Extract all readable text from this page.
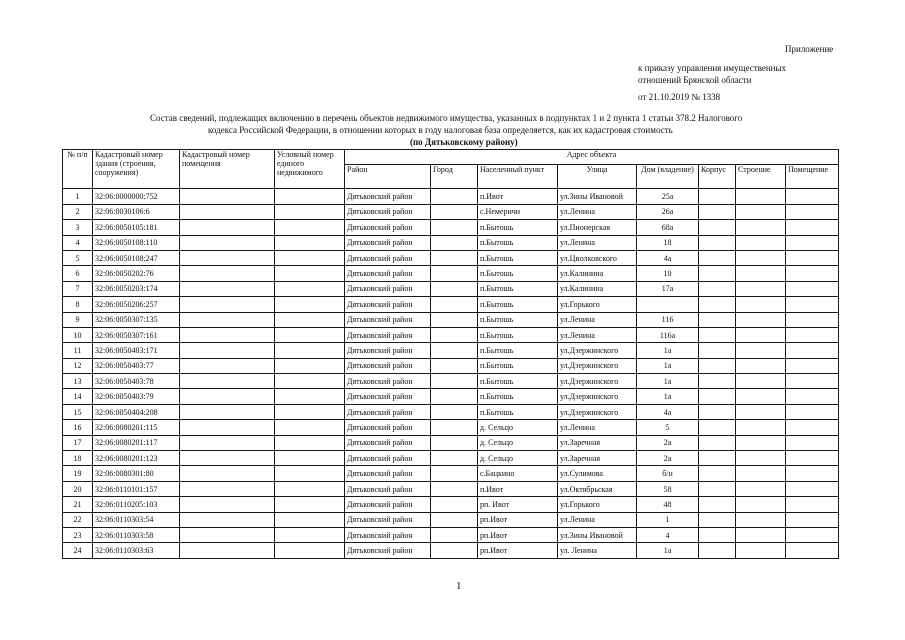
Приложение
к приказу управления имущественных
отношений Брянской области
от 21.10.2019 № 1338
Состав сведений, подлежащих включению в перечень объектов недвижимого имущества, указанных в подпунктах 1 и 2 пункта 1 статьи 378.2 Налогового
кодекса Российской Федерации, в отношении которых в году налоговая база определяется, как их кадастровая стоимость
(по Дятьковскому району)
№ п/п	Кадастровый номер здания (строения, сооружения)	Кадастровый номер помещения	Условный номер единого недвижимого	Адрес объекта							
				Район	Город	Населенный пункт	Улица	Дом (владение)	Корпус	Строение	Помещение
1	32:06:0000000:752			Дятьковский район		п.Ивот	ул.Зины Ивановой	25а			
2	32:06:0030106:6			Дятьковский район		с.Немеричи	ул.Ленина	26а			
3	32:06:0050105:181			Дятьковский район		п.Бытошь	ул.Пионерская	68а			
4	32:06:0050108:110			Дятьковский район		п.Бытошь	ул.Ленина	18			
5	32:06:0050108:247			Дятьковский район		п.Бытошь	ул.Циолковского	4а			
6	32:06:0050202:76			Дятьковский район		п.Бытошь	ул.Калинина	10			
7	32:06:0050203:174			Дятьковский район		п.Бытошь	ул.Калинина	17а			
8	32:06:0050206:257			Дятьковский район		п.Бытошь	ул.Горького				
9	32:06:0050307:135			Дятьковский район		п.Бытошь	ул.Ленина	116			
10	32:06:0050307:161			Дятьковский район		п.Бытошь	ул.Ленина	116а			
11	32:06:0050403:171			Дятьковский район		п.Бытошь	ул.Дзержинского	1а			
12	32:06:0050403:77			Дятьковский район		п.Бытошь	ул.Дзержинского	1а			
13	32:06:0050403:78			Дятьковский район		п.Бытошь	ул.Дзержинского	1а			
14	32:06:0050403:79			Дятьковский район		п.Бытошь	ул.Дзержинского	1а			
15	32:06:0050404:208			Дятьковский район		п.Бытошь	ул.Дзержинского	4а			
16	32:06:0080201:115			Дятьковский район		д. Сельцо	ул.Ленина	5			
17	32:06:0080201:117			Дятьковский район		д. Сельцо	ул.Заречная	2а			
18	32:06:0080201:123			Дятьковский район		д. Сельцо	ул.Заречная	2а			
19	32:06:0080301:80			Дятьковский район		с.Бацкино	ул.Сулимова	б/н			
20	32:06:0110101:157			Дятьковский район		п.Ивот	ул.Октябрьская	58			
21	32:06:0110205:103			Дятьковский район		рп. Ивот	ул.Горького	48			
22	32:06:0110303:54			Дятьковский район		рп.Ивот	ул.Ленина	1			
23	32:06:0110303:58			Дятьковский район		рп.Ивот	ул.Зины Ивановой	4			
24	32:06:0110303:63			Дятьковский район		рп.Ивот	ул. Ленина	1а			
1
